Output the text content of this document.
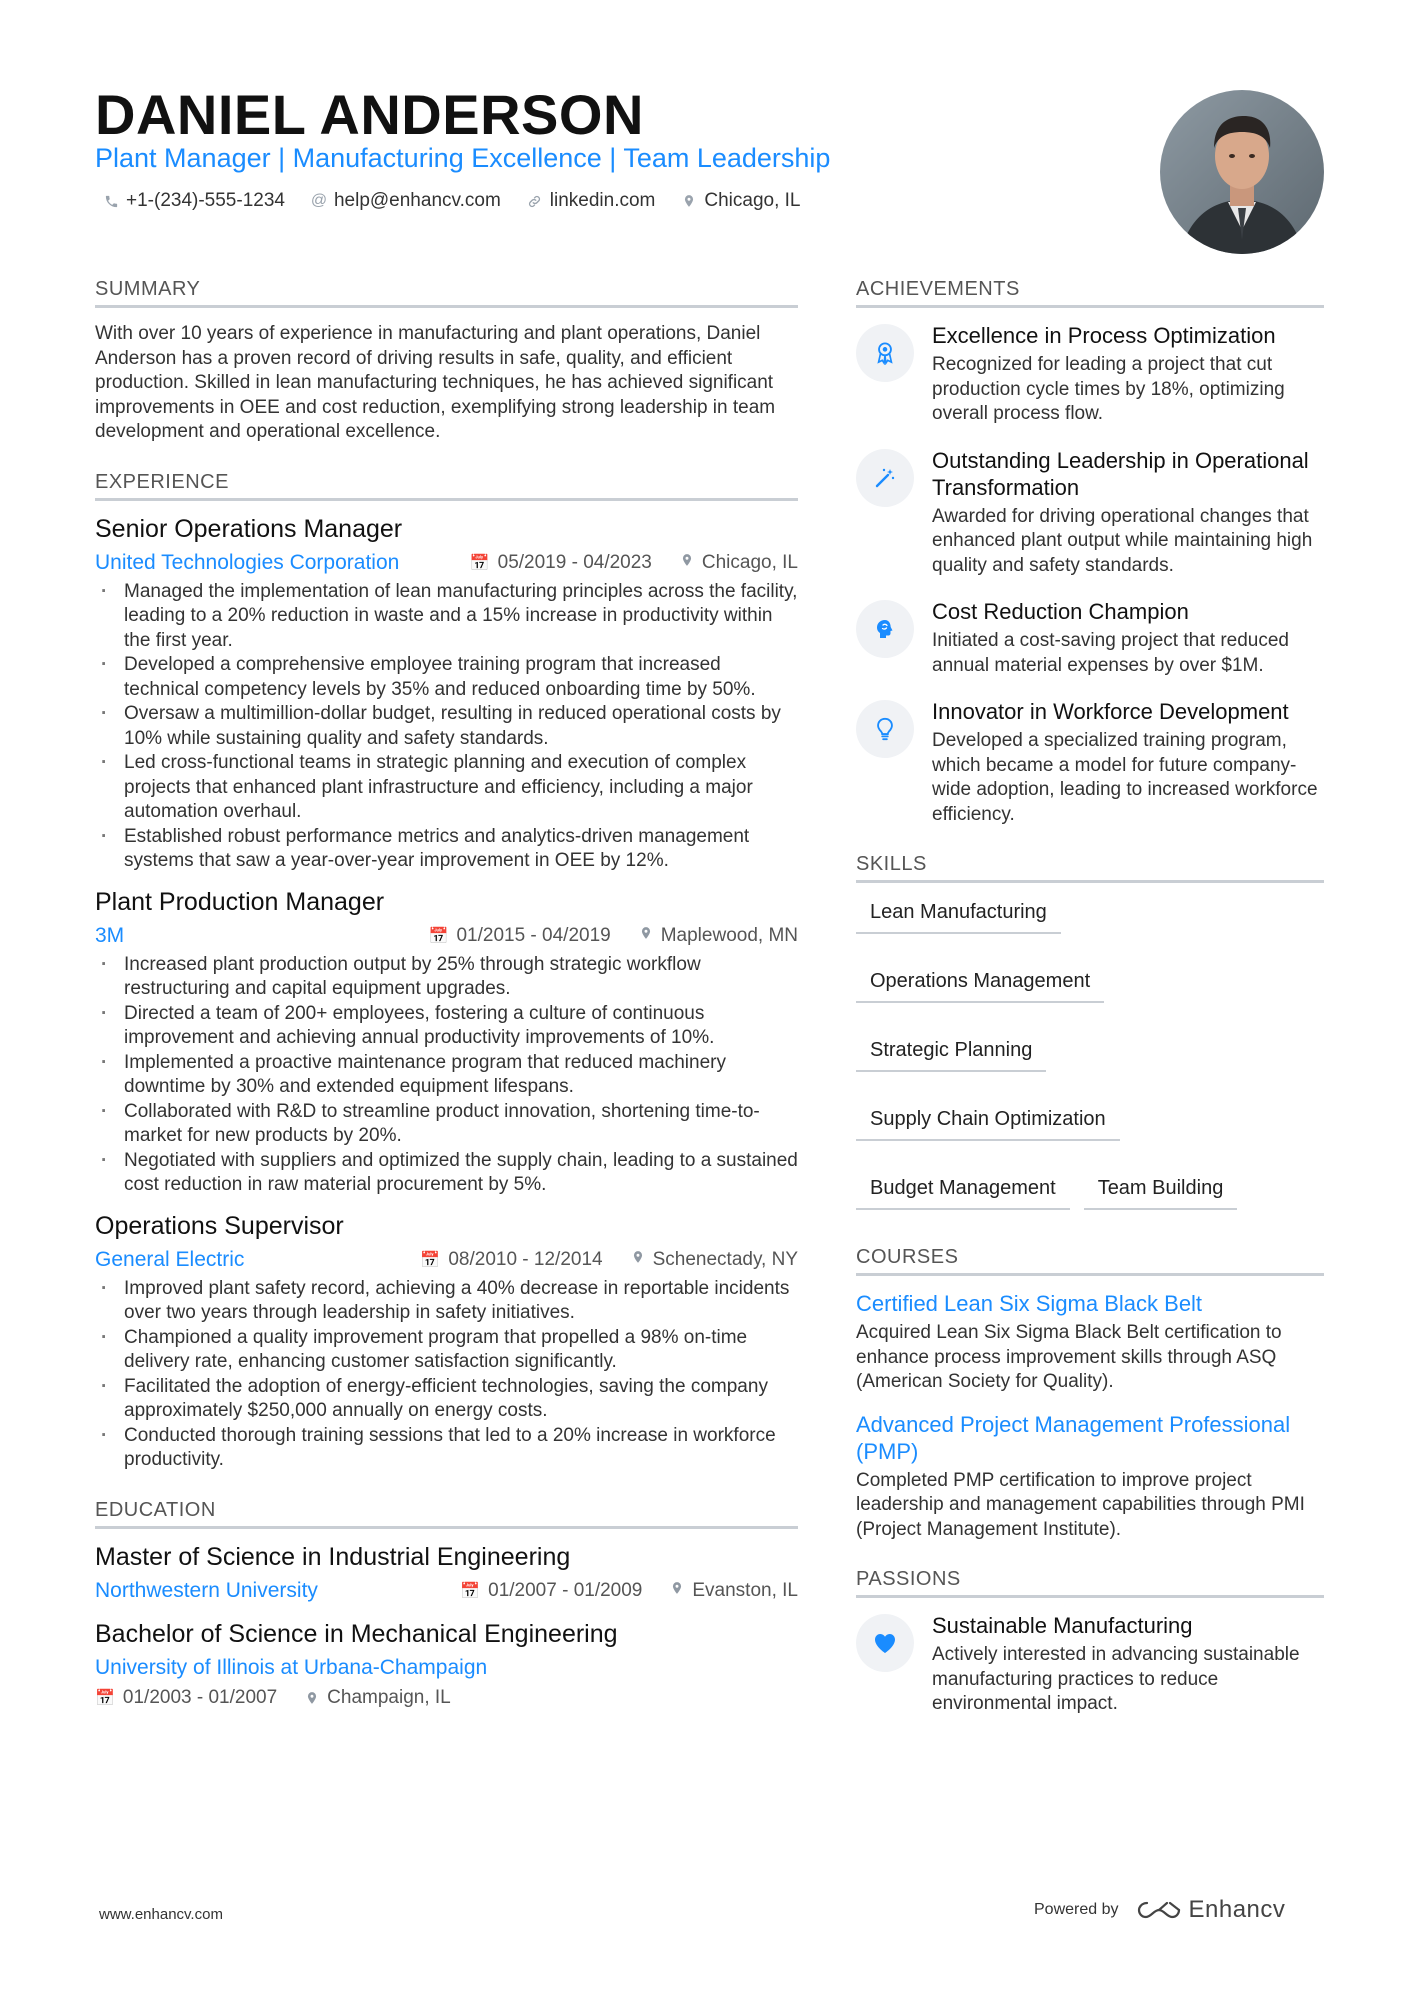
DANIEL ANDERSON
Plant Manager | Manufacturing Excellence | Team Leadership
+1-(234)-555-1234 @ help@enhancv.com	linkedin.com	Chicago, IL
SUMMARY
With over 10 years of experience in manufacturing and plant operations, Daniel Anderson has a proven record of driving results in safe, quality, and efficient production. Skilled in lean manufacturing techniques, he has achieved significant improvements in OEE and cost reduction, exemplifying strong leadership in team development and operational excellence.
EXPERIENCE
Senior Operations Manager
United Technologies Corporation	📅 05/2019 - 04/2023	Chicago, IL
· Managed the implementation of lean manufacturing principles across the facility, leading to a 20% reduction in waste and a 15% increase in productivity within the first year.
· Developed a comprehensive employee training program that increased technical competency levels by 35% and reduced onboarding time by 50%.
· Oversaw a multimillion-dollar budget, resulting in reduced operational costs by 10% while sustaining quality and safety standards.
· Led cross-functional teams in strategic planning and execution of complex projects that enhanced plant infrastructure and efficiency, including a major automation overhaul.
· Established robust performance metrics and analytics-driven management systems that saw a year-over-year improvement in OEE by 12%.
Plant Production Manager
3M	📅 01/2015 - 04/2019	Maplewood, MN
· Increased plant production output by 25% through strategic workflow restructuring and capital equipment upgrades.
· Directed a team of 200+ employees, fostering a culture of continuous improvement and achieving annual productivity improvements of 10%.
· Implemented a proactive maintenance program that reduced machinery downtime by 30% and extended equipment lifespans.
· Collaborated with R&D to streamline product innovation, shortening time-to-market for new products by 20%.
· Negotiated with suppliers and optimized the supply chain, leading to a sustained cost reduction in raw material procurement by 5%.
Operations Supervisor
General Electric	📅 08/2010 - 12/2014	Schenectady, NY
· Improved plant safety record, achieving a 40% decrease in reportable incidents over two years through leadership in safety initiatives.
· Championed a quality improvement program that propelled a 98% on-time delivery rate, enhancing customer satisfaction significantly.
· Facilitated the adoption of energy-efficient technologies, saving the company approximately $250,000 annually on energy costs.
· Conducted thorough training sessions that led to a 20% increase in workforce productivity.
EDUCATION
Master of Science in Industrial Engineering
Northwestern University	📅 01/2007 - 01/2009	Evanston, IL
Bachelor of Science in Mechanical Engineering
University of Illinois at Urbana-Champaign
📅 01/2003 - 01/2007	Champaign, IL
ACHIEVEMENTS
Excellence in Process Optimization
Recognized for leading a project that cut production cycle times by 18%, optimizing overall process flow.
Outstanding Leadership in Operational Transformation
Awarded for driving operational changes that enhanced plant output while maintaining high quality and safety standards.
Cost Reduction Champion
Initiated a cost-saving project that reduced annual material expenses by over $1M.
Innovator in Workforce Development
Developed a specialized training program, which became a model for future company-wide adoption, leading to increased workforce efficiency.
SKILLS
Lean Manufacturing
Operations Management
Strategic Planning
Supply Chain Optimization
Budget Management	Team Building
COURSES
Certified Lean Six Sigma Black Belt
Acquired Lean Six Sigma Black Belt certification to enhance process improvement skills through ASQ (American Society for Quality).
Advanced Project Management Professional (PMP)
Completed PMP certification to improve project leadership and management capabilities through PMI (Project Management Institute).
PASSIONS
Sustainable Manufacturing
Actively interested in advancing sustainable manufacturing practices to reduce environmental impact.
www.enhancv.com	Powered by	Enhancv
